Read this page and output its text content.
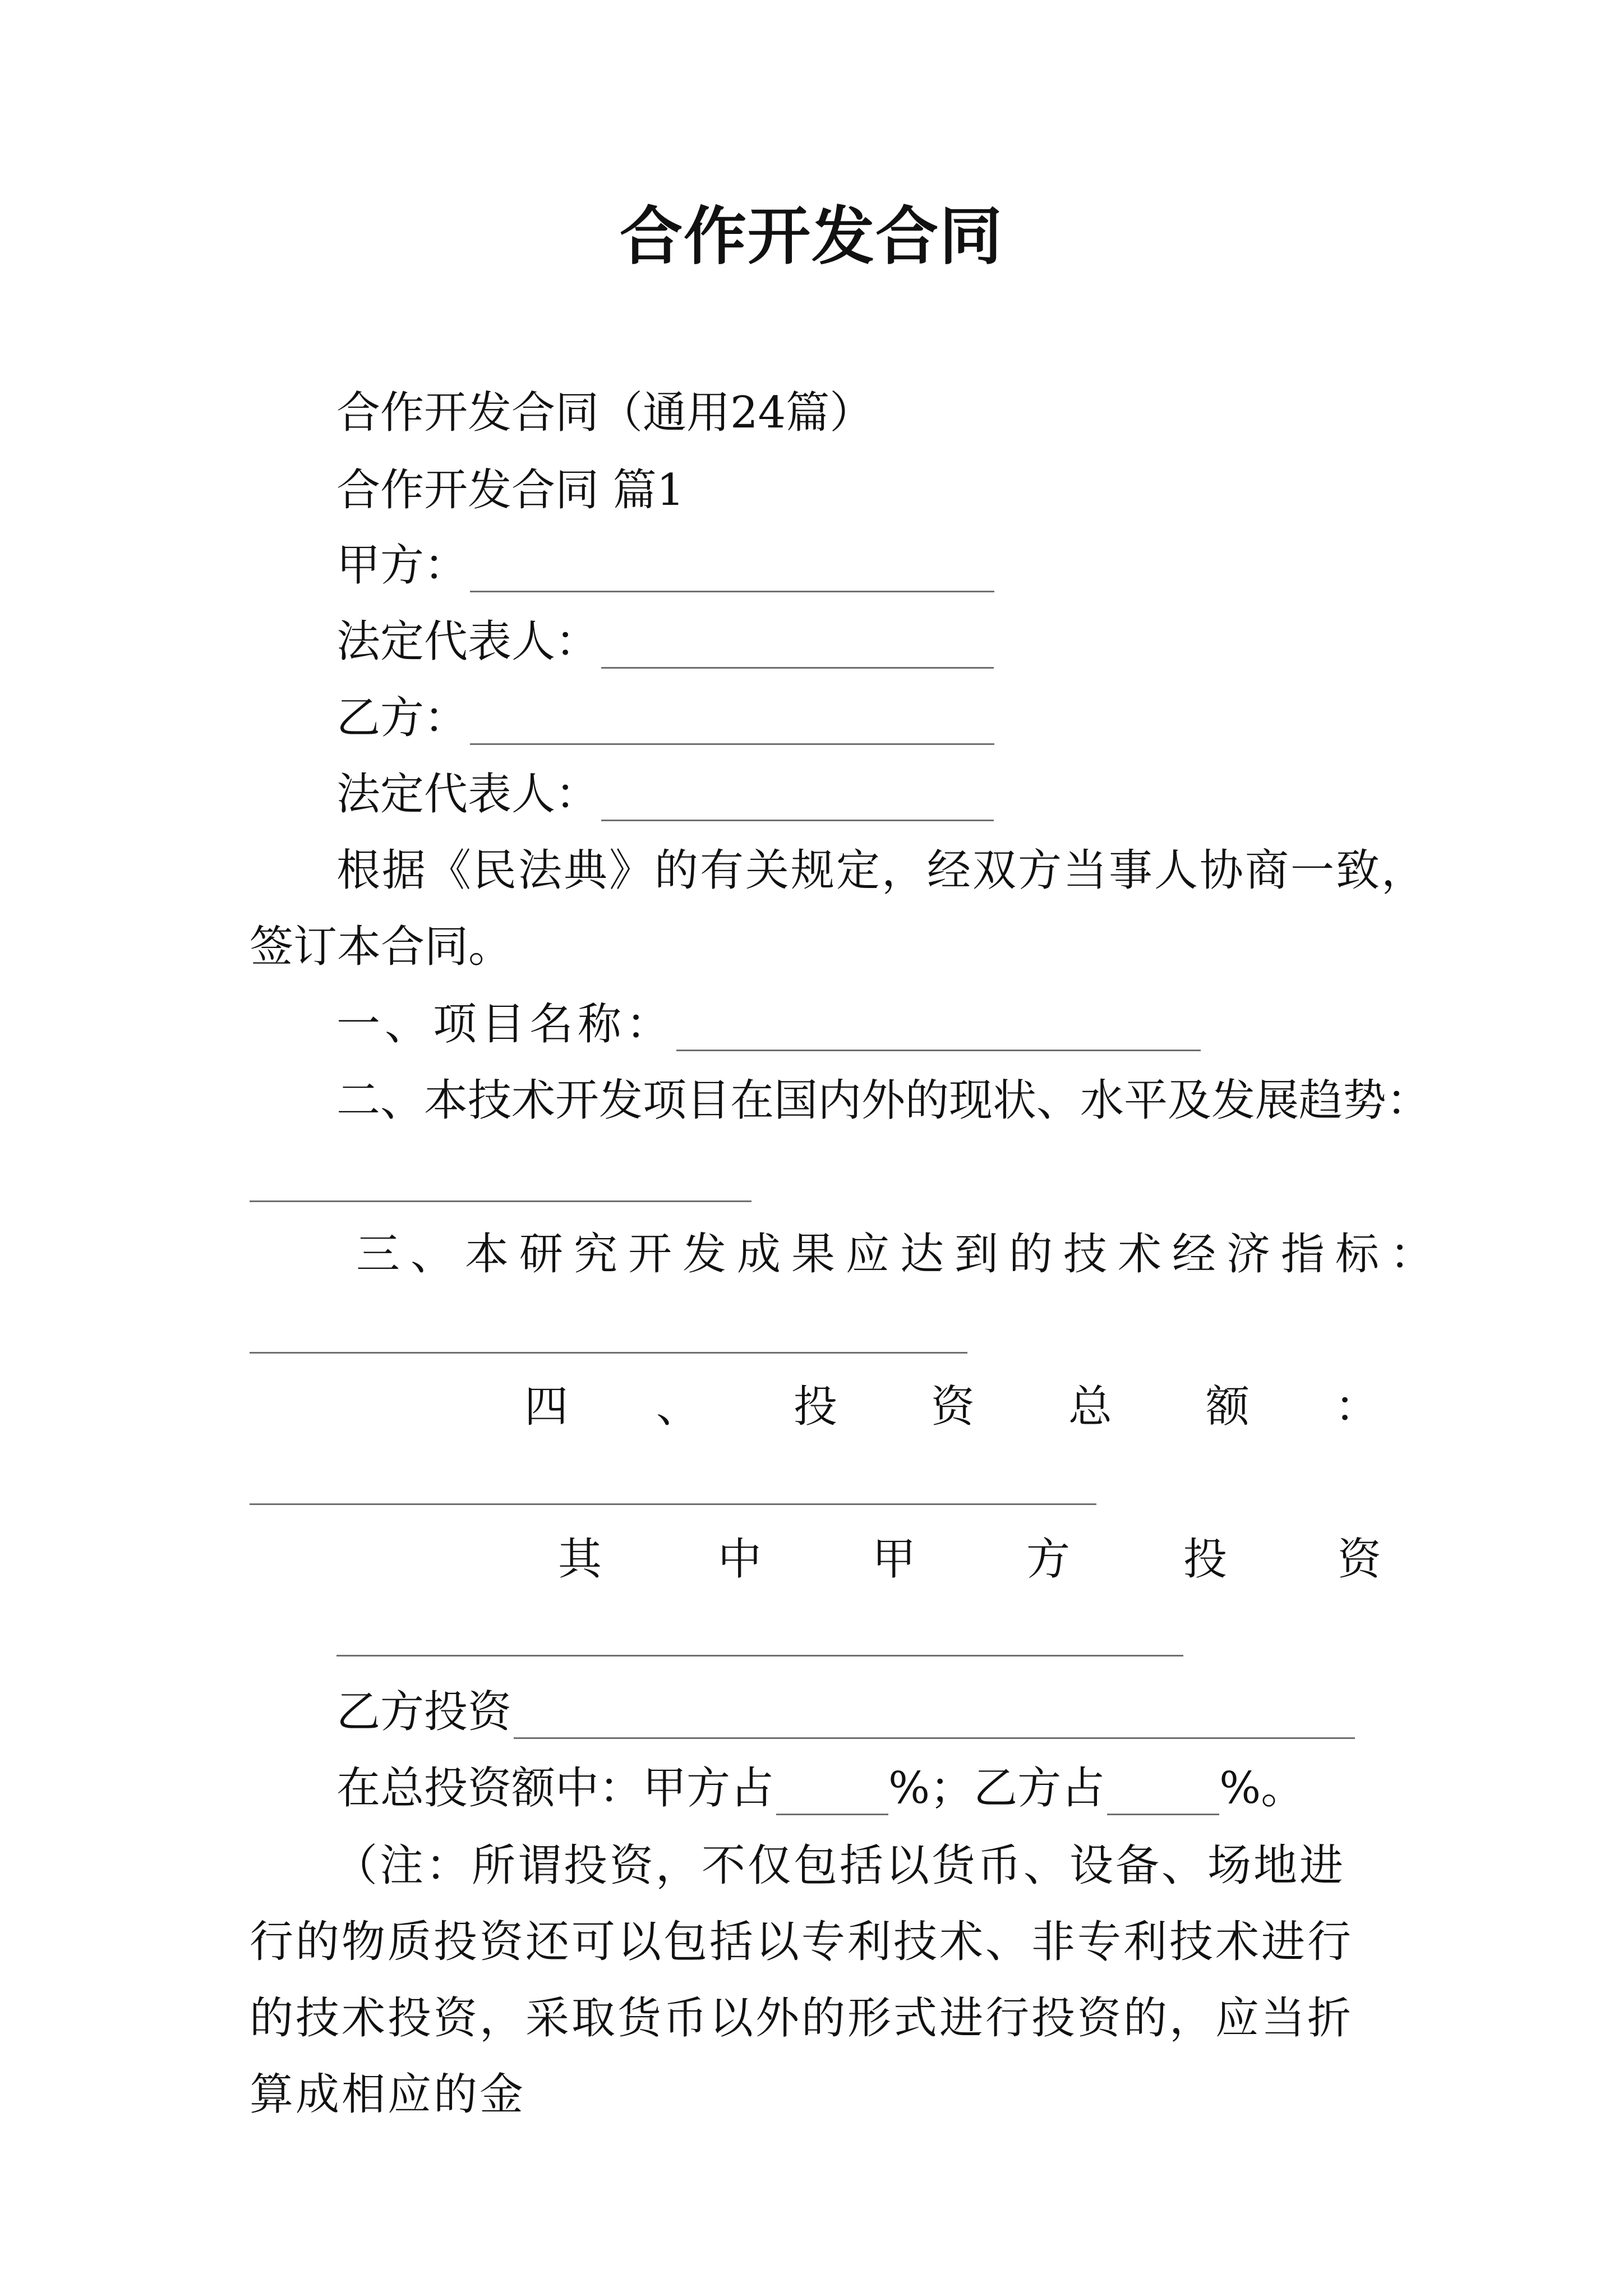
合作开发合同
合作开发合同（通用24篇）
合作开发合同 篇1
甲方：
法定代表人：
乙方：
法定代表人：
根据《民法典》的有关规定，经双方当事人协商一致，
签订本合同。
一、项目名称：
二、本技术开发项目在国内外的现状、水平及发展趋势：
三、本研究开发成果应达到的技术经济指标：
四 、 投 资 总 额 ：
其	中	甲	方	投	资
乙方投资
在总投资额中：甲方占	%；乙方占	%。
（注：所谓投资，不仅包括以货币、设备、场地进行的物质投资还可以包括以专利技术、非专利技术进行的技术投资，采取货币以外的形式进行投资的，应当折算成相应的金
